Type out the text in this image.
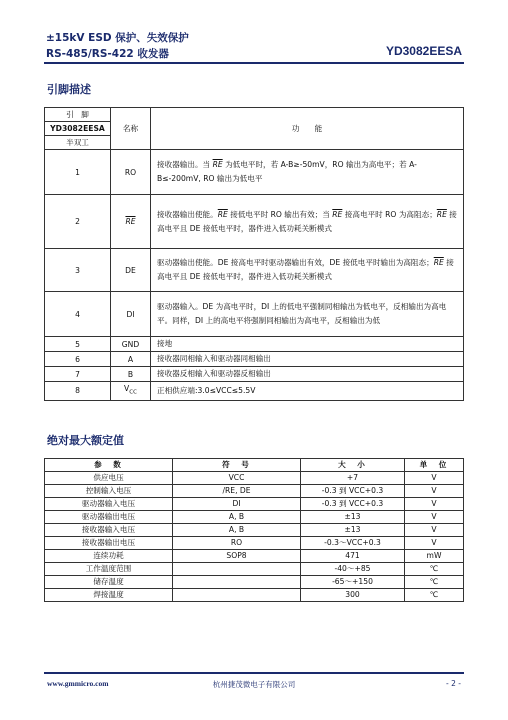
±15kV ESD 保护、失效保护
RS-485/RS-422 收发器	YD3082EESA
引脚描述
引　脚	名称	功　　能
YD3082EESA		
半双工		
1	RO	接收器输出。当 $\overline{RE}$ 为低电平时，若 A-B≥-50mV，RO 输出为高电平；若 A-B≤-200mV, RO 输出为低电平
2	$\overline{RE}$	接收器输出使能。$\overline{RE}$ 接低电平时 RO 输出有效；当 $\overline{RE}$ 接高电平时 RO 为高阻态；$\overline{RE}$ 接高电平且 DE 接低电平时，器件进入低功耗关断模式
3	DE	驱动器输出使能。DE 接高电平时驱动器输出有效，DE 接低电平时输出为高阻态；$\overline{RE}$ 接高电平且 DE 接低电平时，器件进入低功耗关断模式
4	DI	驱动器输入。DE 为高电平时，DI 上的低电平强制同相输出为低电平，反相输出为高电平。同样，DI 上的高电平将强制同相输出为高电平，反相输出为低
5	GND	接地
6	A	接收器同相输入和驱动器同相输出
7	B	接收器反相输入和驱动器反相输出
8	$V_{CC}$	正相供应端:3.0≤VCC≤5.5V
绝对最大额定值
参　数	符　号	大　小	单　位
供应电压	VCC	+7	V
控制输入电压	/RE, DE	-0.3 到 VCC+0.3	V
驱动器输入电压	DI	-0.3 到 VCC+0.3	V
驱动器输出电压	A, B	±13	V
接收器输入电压	A, B	±13	V
接收器输出电压	RO	-0.3～VCC+0.3	V
连续功耗	SOP8	471	mW
工作温度范围		-40～+85	℃
储存温度		-65～+150	℃
焊接温度		300	℃
www.gmmicro.com	杭州捷茂微电子有限公司	- 2 -
